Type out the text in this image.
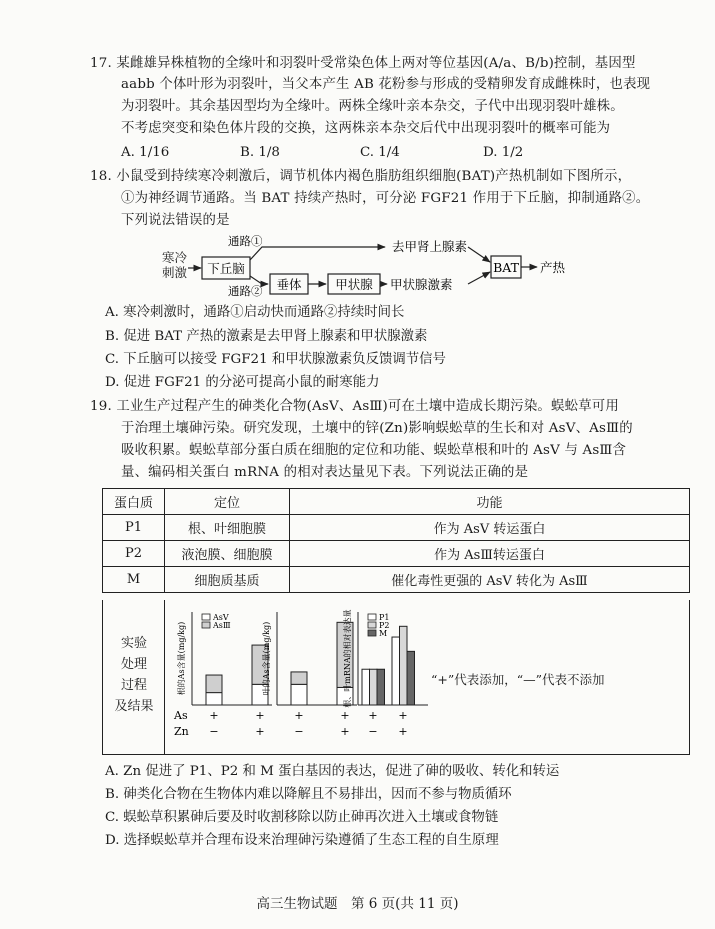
17. 某雌雄异株植物的全缘叶和羽裂叶受常染色体上两对等位基因(A/a、B/b)控制，基因型
aabb 个体叶形为羽裂叶，当父本产生 AB 花粉参与形成的受精卵发育成雌株时，也表现
为羽裂叶。其余基因型均为全缘叶。两株全缘叶亲本杂交，子代中出现羽裂叶雄株。
不考虑突变和染色体片段的交换，这两株亲本杂交后代中出现羽裂叶的概率可能为
A. 1/16	B. 1/8	C. 1/4	D. 1/2
18. 小鼠受到持续寒冷刺激后，调节机体内褐色脂肪组织细胞(BAT)产热机制如下图所示，
①为神经调节通路。当 BAT 持续产热时，可分泌 FGF21 作用于下丘脑，抑制通路②。
下列说法错误的是
寒冷
刺激 下丘脑
通路①	去甲肾上腺素
通路② 垂体	甲状腺 甲状腺激素
BAT 产热
A. 寒冷刺激时，通路①启动快而通路②持续时间长
B. 促进 BAT 产热的激素是去甲肾上腺素和甲状腺激素
C. 下丘脑可以接受 FGF21 和甲状腺激素负反馈调节信号
D. 促进 FGF21 的分泌可提高小鼠的耐寒能力
19. 工业生产过程产生的砷类化合物(AsV、AsⅢ)可在土壤中造成长期污染。蜈蚣草可用
于治理土壤砷污染。研究发现，土壤中的锌(Zn)影响蜈蚣草的生长和对 AsV、AsⅢ的
吸收积累。蜈蚣草部分蛋白质在细胞的定位和功能、蜈蚣草根和叶的 AsV 与 AsⅢ含
量、编码相关蛋白 mRNA 的相对表达量见下表。下列说法正确的是
蛋白质	定位	功能
P1	根、叶细胞膜	作为 AsV 转运蛋白
P2	液泡膜、细胞膜	作为 AsⅢ转运蛋白
M	细胞质基质	催化毒性更强的 AsV 转化为 AsⅢ
实验
处理
过程
及结果
“+”代表添加，“—”代表不添加
根的As含量(mg/kg)
AsV
AsⅢ
As +	+
Zn −	+
叶的As含量(mg/kg)
+	+
−	+
根、叶mRNA的相对表达量	P1
P2
M
+ +
− +
A. Zn 促进了 P1、P2 和 M 蛋白基因的表达，促进了砷的吸收、转化和转运
B. 砷类化合物在生物体内难以降解且不易排出，因而不参与物质循环
C. 蜈蚣草积累砷后要及时收割移除以防止砷再次进入土壤或食物链
D. 选择蜈蚣草并合理布设来治理砷污染遵循了生态工程的自生原理
高三生物试题　第 6 页(共 11 页)
